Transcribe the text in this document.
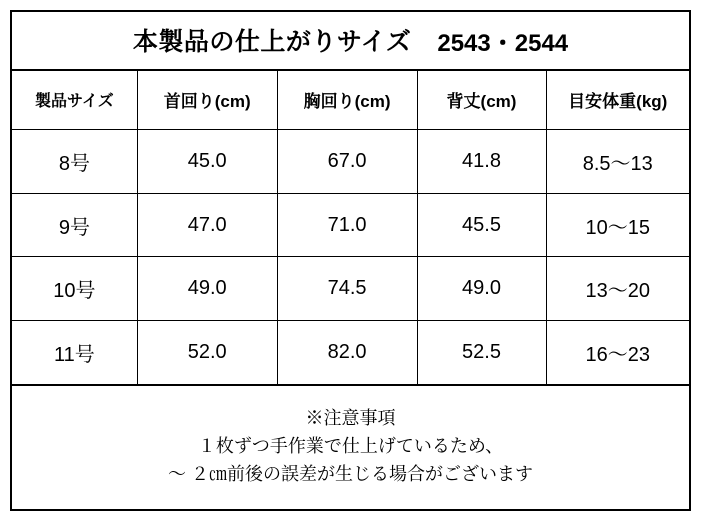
本製品の仕上がりサイズ 2543・2544				

製品サイズ	首回り(cm)	胸回り(cm)	背丈(cm)	目安体重(kg)
8号	45.0	67.0	41.8	8.5〜13
9号	47.0	71.0	45.5	10〜15
10号	49.0	74.5	49.0	13〜20
11号	52.0	82.0	52.5	16〜23

※注意事項
１枚ずつ手作業で仕上げているため、
〜 ２㎝前後の誤差が生じる場合がございます				
